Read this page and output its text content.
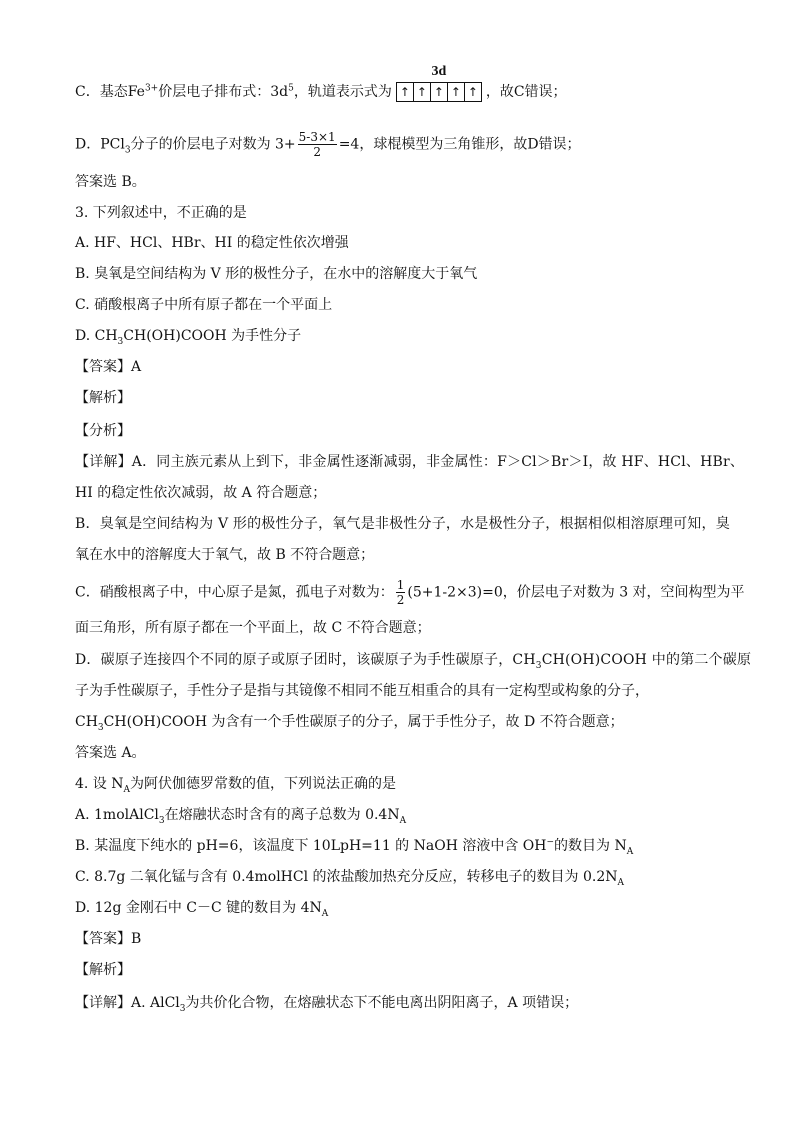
C．基态$Fe^{3+}$价层电子排布式：$3d^5$，轨道表示式为
3d
↑ ↑ ↑ ↑ ↑ ，故C错误；
D．PCl$_3$分子的价层电子对数为 $3+ \frac{5-3\times 1}{2} =4$，球棍模型为三角锥形，故D错误；
答案选 B。
3. 下列叙述中，不正确的是
A. HF、HCl、HBr、HI 的稳定性依次增强
B. 臭氧是空间结构为 V 形的极性分子，在水中的溶解度大于氧气
C. 硝酸根离子中所有原子都在一个平面上
D. $CH_3CH(OH)COOH$ 为手性分子
【答案】A
【解析】
【分析】
【详解】A．同主族元素从上到下，非金属性逐渐减弱，非金属性：F＞Cl＞Br＞I，故 HF、HCl、HBr、
HI 的稳定性依次减弱，故 A 符合题意；
B．臭氧是空间结构为 V 形的极性分子，氧气是非极性分子，水是极性分子，根据相似相溶原理可知，臭
氧在水中的溶解度大于氧气，故 B 不符合题意；
C．硝酸根离子中，中心原子是氮，孤电子对数为： $\frac{1}{2} (5+1-2\times 3)=0$，价层电子对数为 3 对，空间构型为平
面三角形，所有原子都在一个平面上，故 C 不符合题意；
D．碳原子连接四个不同的原子或原子团时，该碳原子为手性碳原子，$CH_3CH(OH)COOH$ 中的第二个碳原
子为手性碳原子，手性分子是指与其镜像不相同不能互相重合的具有一定构型或构象的分子，
$CH_3CH(OH)COOH$ 为含有一个手性碳原子的分子，属于手性分子，故 D 不符合题意；
答案选 A。
4. 设 $N_A$为阿伏伽德罗常数的值，下列说法正确的是
A. 1molAlCl$_3$在熔融状态时含有的离子总数为 $0.4N_A$
B. 某温度下纯水的 pH=6，该温度下 10LpH=11 的 NaOH 溶液中含 OH−的数目为 $N_A$
C. 8.7g 二氧化锰与含有 0.4molHCl 的浓盐酸加热充分反应，转移电子的数目为 $0.2N_A$
D. 12g 金刚石中 C－C 键的数目为 $4N_A$
【答案】B
【解析】
【详解】A. AlCl$_3$为共价化合物，在熔融状态下不能电离出阴阳离子，A 项错误；
